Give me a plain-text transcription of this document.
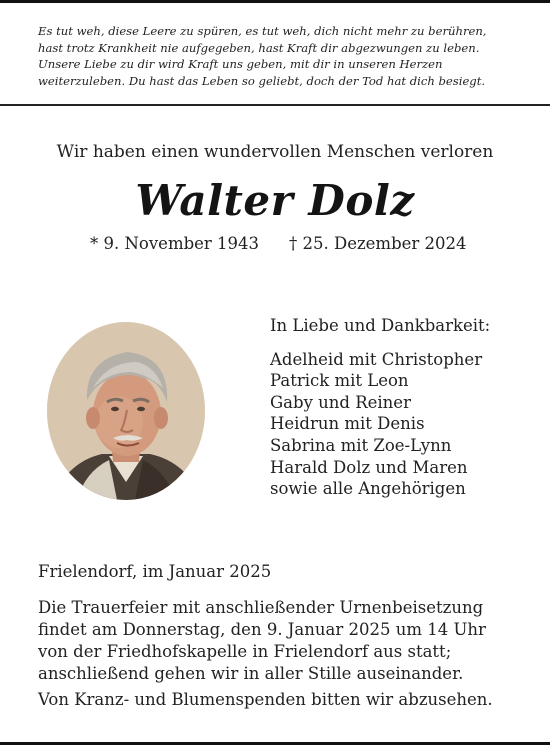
Es tut weh, diese Leere zu spüren, es tut weh, dich nicht mehr zu berühren,
hast trotz Krankheit nie aufgegeben, hast Kraft dir abgezwungen zu leben.
Unsere Liebe zu dir wird Kraft uns geben, mit dir in unseren Herzen
weiterzuleben. Du hast das Leben so geliebt, doch der Tod hat dich besiegt.
Wir haben einen wundervollen Menschen verloren
Walter Dolz
* 9. November 1943 † 25. Dezember 2024
In Liebe und Dankbarkeit:
Adelheid mit Christopher
Patrick mit Leon
Gaby und Reiner
Heidrun mit Denis
Sabrina mit Zoe-Lynn
Harald Dolz und Maren
sowie alle Angehörigen
Frielendorf, im Januar 2025
Die Trauerfeier mit anschließender Urnenbeisetzung
findet am Donnerstag, den 9. Januar 2025 um 14 Uhr
von der Friedhofskapelle in Frielendorf aus statt;
anschließend gehen wir in aller Stille auseinander.
Von Kranz- und Blumenspenden bitten wir abzusehen.
